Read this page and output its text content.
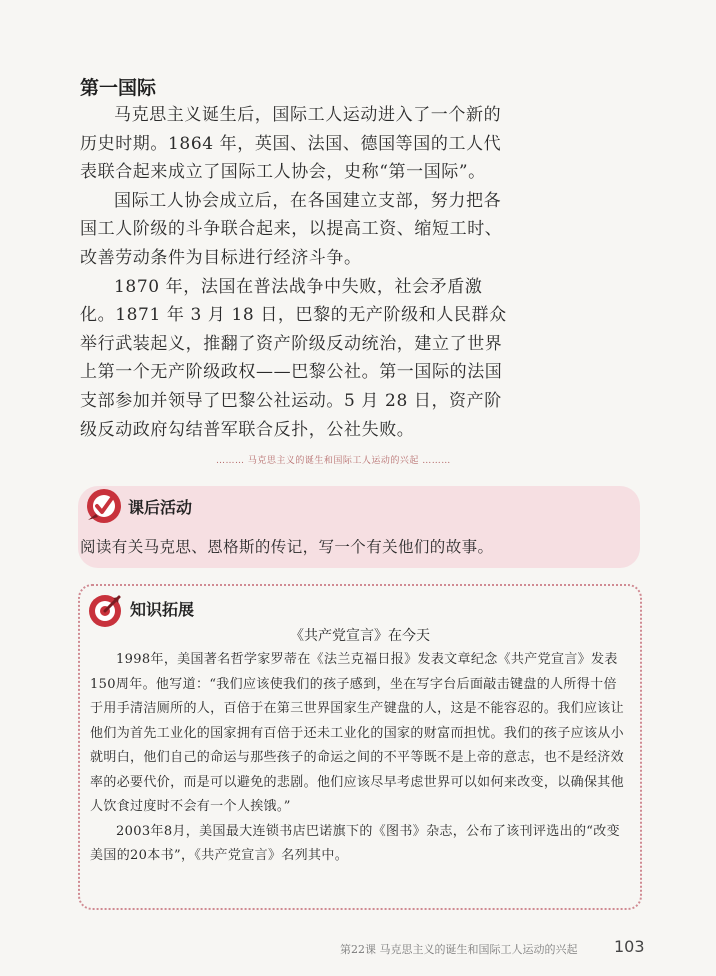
第一国际

马克思主义诞生后，国际工人运动进入了一个新的历史时期。1864 年，英国、法国、德国等国的工人代表联合起来成立了国际工人协会，史称“第一国际”。

国际工人协会成立后，在各国建立支部，努力把各国工人阶级的斗争联合起来，以提高工资、缩短工时、改善劳动条件为目标进行经济斗争。

1870 年，法国在普法战争中失败，社会矛盾激化。1871 年 3 月 18 日，巴黎的无产阶级和人民群众举行武装起义，推翻了资产阶级反动统治，建立了世界上第一个无产阶级政权——巴黎公社。第一国际的法国支部参加并领导了巴黎公社运动。5 月 28 日，资产阶级反动政府勾结普军联合反扑，公社失败。

……… 马克思主义的诞生和国际工人运动的兴起 ………
课后活动
阅读有关马克思、恩格斯的传记，写一个有关他们的故事。
知识拓展
《共产党宣言》在今天

1998年，美国著名哲学家罗蒂在《法兰克福日报》发表文章纪念《共产党宣言》发表150周年。他写道：“我们应该使我们的孩子感到，坐在写字台后面敲击键盘的人所得十倍于用手清洁厕所的人，百倍于在第三世界国家生产键盘的人，这是不能容忍的。我们应该让他们为首先工业化的国家拥有百倍于还未工业化的国家的财富而担忧。我们的孩子应该从小就明白，他们自己的命运与那些孩子的命运之间的不平等既不是上帝的意志，也不是经济效率的必要代价，而是可以避免的悲剧。他们应该尽早考虑世界可以如何来改变，以确保其他人饮食过度时不会有一个人挨饿。”

2003年8月，美国最大连锁书店巴诺旗下的《图书》杂志，公布了该刊评选出的“改变美国的20本书”，《共产党宣言》名列其中。

第22课 马克思主义的诞生和国际工人运动的兴起 103
